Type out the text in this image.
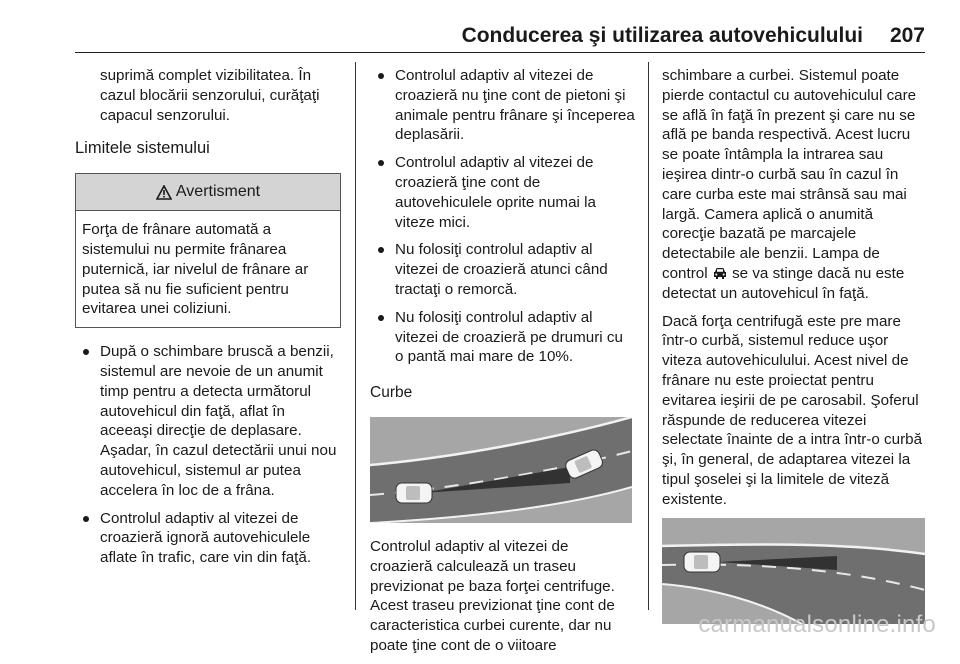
Conducerea şi utilizarea autovehiculului 207

suprimă complet vizibilitatea. În cazul blocării senzorului, curăţaţi capacul senzorului.

Limitele sistemului
Avertisment
Forţa de frânare automată a sistemului nu permite frânarea puternică, iar nivelul de frânare ar putea să nu fie suficient pentru evitarea unei coliziuni.
După o schimbare bruscă a benzii, sistemul are nevoie de un anumit timp pentru a detecta următorul autovehicul din faţă, aflat în aceeaşi direcţie de deplasare. Aşadar, în cazul detectării unui nou autovehicul, sistemul ar putea accelera în loc de a frâna.
Controlul adaptiv al vitezei de croazieră ignoră autovehiculele aflate în trafic, care vin din faţă.
Controlul adaptiv al vitezei de croazieră nu ţine cont de pietoni şi animale pentru frânare şi începerea deplasării.
Controlul adaptiv al vitezei de croazieră ţine cont de autovehiculele oprite numai la viteze mici.
Nu folosiţi controlul adaptiv al vitezei de croazieră atunci când tractaţi o remorcă.
Nu folosiţi controlul adaptiv al vitezei de croazieră pe drumuri cu o pantă mai mare de 10%.
Curbe

Controlul adaptiv al vitezei de croazieră calculează un traseu previzionat pe baza forţei centrifuge. Acest traseu previzionat ţine cont de caracteristica curbei curente, dar nu poate ţine cont de o viitoare

schimbare a curbei. Sistemul poate pierde contactul cu autovehiculul care se află în faţă în prezent şi care nu se află pe banda respectivă. Acest lucru se poate întâmpla la intrarea sau ieşirea dintr-o curbă sau în cazul în care curba este mai strânsă sau mai largă. Camera aplică o anumită corecţie bazată pe marcajele detectabile ale benzii. Lampa de control se va stinge dacă nu este detectat un autovehicul în faţă.

Dacă forţa centrifugă este pre mare într-o curbă, sistemul reduce uşor viteza autovehiculului. Acest nivel de frânare nu este proiectat pentru evitarea ieşirii de pe carosabil. Şoferul răspunde de reducerea vitezei selectate înainte de a intra într-o curbă şi, în general, de adaptarea vitezei la tipul şoselei şi la limitele de viteză existente.

carmanualsonline.info
